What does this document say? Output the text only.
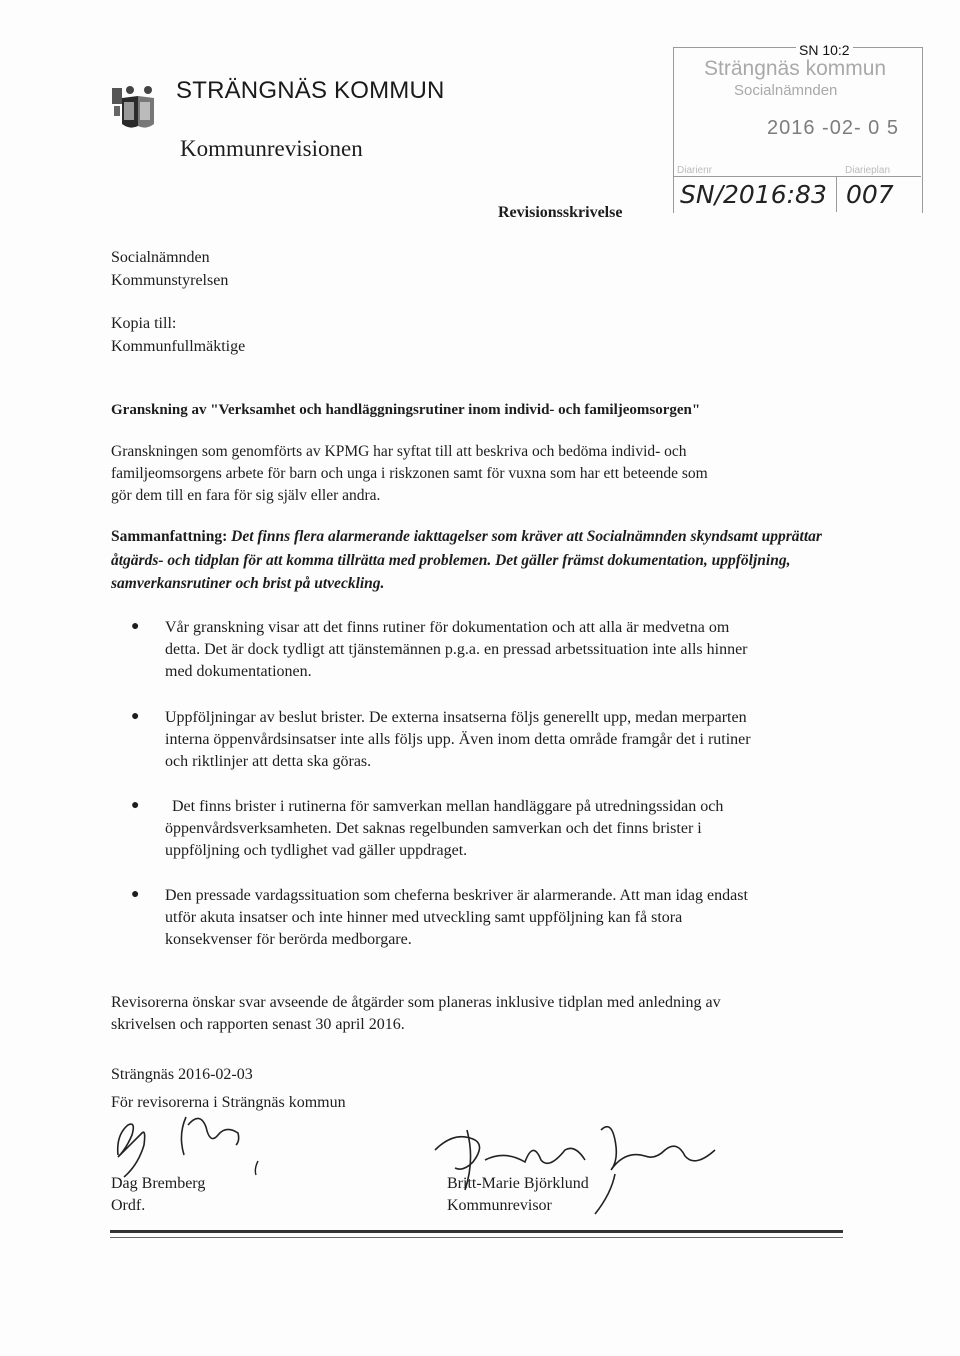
STRÄNGNÄS KOMMUN
Kommunrevisionen
Revisionsskrivelse
SN 10:2
Strängnäs kommun
Socialnämnden
2016 -02- 0 5
Diarienr	Diarieplan
SN/2016:83 007
Socialnämnden
Kommunstyrelsen
Kopia till:
Kommunfullmäktige
Granskning av "Verksamhet och handläggningsrutiner inom individ- och familjeomsorgen"
Granskningen som genomförts av KPMG har syftat till att beskriva och bedöma individ- och
familjeomsorgens arbete för barn och unga i riskzonen samt för vuxna som har ett beteende som
gör dem till en fara för sig själv eller andra.
Sammanfattning: Det finns flera alarmerande iakttagelser som kräver att Socialnämnden skyndsamt upprättar
åtgärds- och tidplan för att komma tillrätta med problemen. Det gäller främst dokumentation, uppföljning,
samverkansrutiner och brist på utveckling.
● Vår granskning visar att det finns rutiner för dokumentation och att alla är medvetna om
detta. Det är dock tydligt att tjänstemännen p.g.a. en pressad arbetssituation inte alls hinner
med dokumentationen.
● Uppföljningar av beslut brister. De externa insatserna följs generellt upp, medan merparten
interna öppenvårdsinsatser inte alls följs upp. Även inom detta område framgår det i rutiner
och riktlinjer att detta ska göras.
● Det finns brister i rutinerna för samverkan mellan handläggare på utredningssidan och
öppenvårdsverksamheten. Det saknas regelbunden samverkan och det finns brister i
uppföljning och tydlighet vad gäller uppdraget.
● Den pressade vardagssituation som cheferna beskriver är alarmerande. Att man idag endast
utför akuta insatser och inte hinner med utveckling samt uppföljning kan få stora
konsekvenser för berörda medborgare.
Revisorerna önskar svar avseende de åtgärder som planeras inklusive tidplan med anledning av
skrivelsen och rapporten senast 30 april 2016.
Strängnäs 2016-02-03
För revisorerna i Strängnäs kommun
Dag Bremberg
Ordf.
Britt-Marie Björklund
Kommunrevisor
